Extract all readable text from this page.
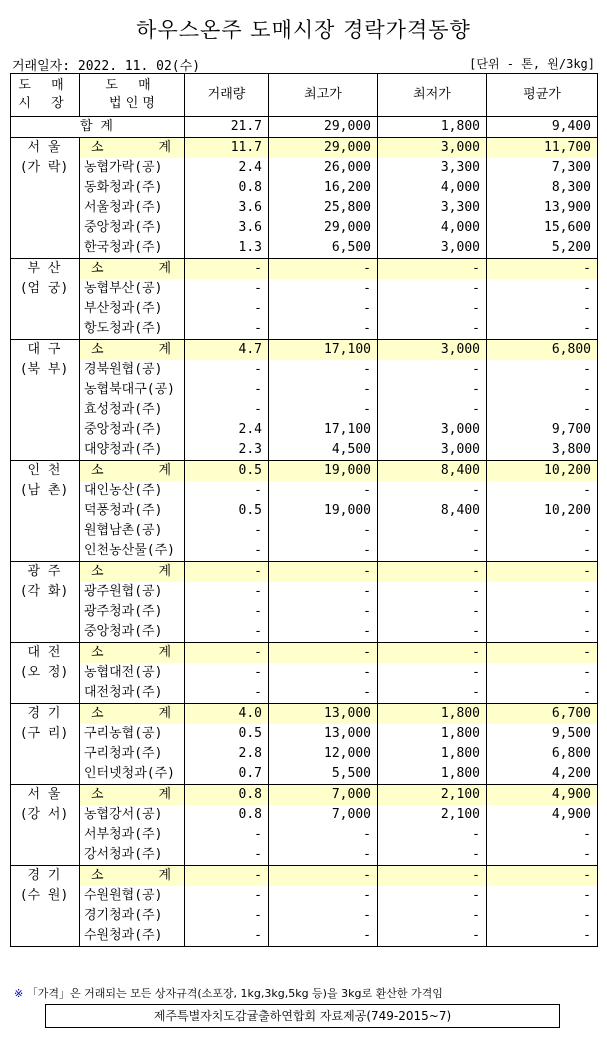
하우스온주 도매시장 경락가격동향
거래일자: 2022. 11. 02(수)	[단위 - 톤, 원/3kg]
도 매
시 장	도 매
법 인 명	거래량	최고가	최저가	평균가
합 계		21.7	29,000	1,800	9,400

서 울
(가 락)	소 계	11.7	29,000	3,000	11,700
	농협가락(공)	2.4	26,000	3,300	7,300
	동화청과(주)	0.8	16,200	4,000	8,300
	서울청과(주)	3.6	25,800	3,300	13,900
	중앙청과(주)	3.6	29,000	4,000	15,600
	한국청과(주)	1.3	6,500	3,000	5,200

부 산
(엄 궁)	소 계	-	-	-	-
	농협부산(공)	-	-	-	-
	부산청과(주)	-	-	-	-
	항도청과(주)	-	-	-	-

대 구
(북 부)	소 계	4.7	17,100	3,000	6,800
	경북원협(공)	-	-	-	-
	농협북대구(공)	-	-	-	-
	효성청과(주)	-	-	-	-
	중앙청과(주)	2.4	17,100	3,000	9,700
	대양청과(주)	2.3	4,500	3,000	3,800

인 천
(남 촌)	소 계	0.5	19,000	8,400	10,200
	대인농산(주)	-	-	-	-
	덕풍청과(주)	0.5	19,000	8,400	10,200
	원협남촌(공)	-	-	-	-
	인천농산물(주)	-	-	-	-

광 주
(각 화)	소 계	-	-	-	-
	광주원협(공)	-	-	-	-
	광주청과(주)	-	-	-	-
	중앙청과(주)	-	-	-	-

대 전
(오 정)	소 계	-	-	-	-
	농협대전(공)	-	-	-	-
	대전청과(주)	-	-	-	-

경 기
(구 리)	소 계	4.0	13,000	1,800	6,700
	구리농협(공)	0.5	13,000	1,800	9,500
	구리청과(주)	2.8	12,000	1,800	6,800
	인터넷청과(주)	0.7	5,500	1,800	4,200

서 울
(강 서)	소 계	0.8	7,000	2,100	4,900
	농협강서(공)	0.8	7,000	2,100	4,900
	서부청과(주)	-	-	-	-
	강서청과(주)	-	-	-	-

경 기
(수 원)	소 계	-	-	-	-
	수원원협(공)	-	-	-	-
	경기청과(주)	-	-	-	-
	수원청과(주)	-	-	-	-
※ 「가격」은 거래되는 모든 상자규격(소포장, 1kg,3kg,5kg 등)을 3kg로 환산한 가격임
제주특별자치도감귤출하연합회 자료제공(749-2015~7)
